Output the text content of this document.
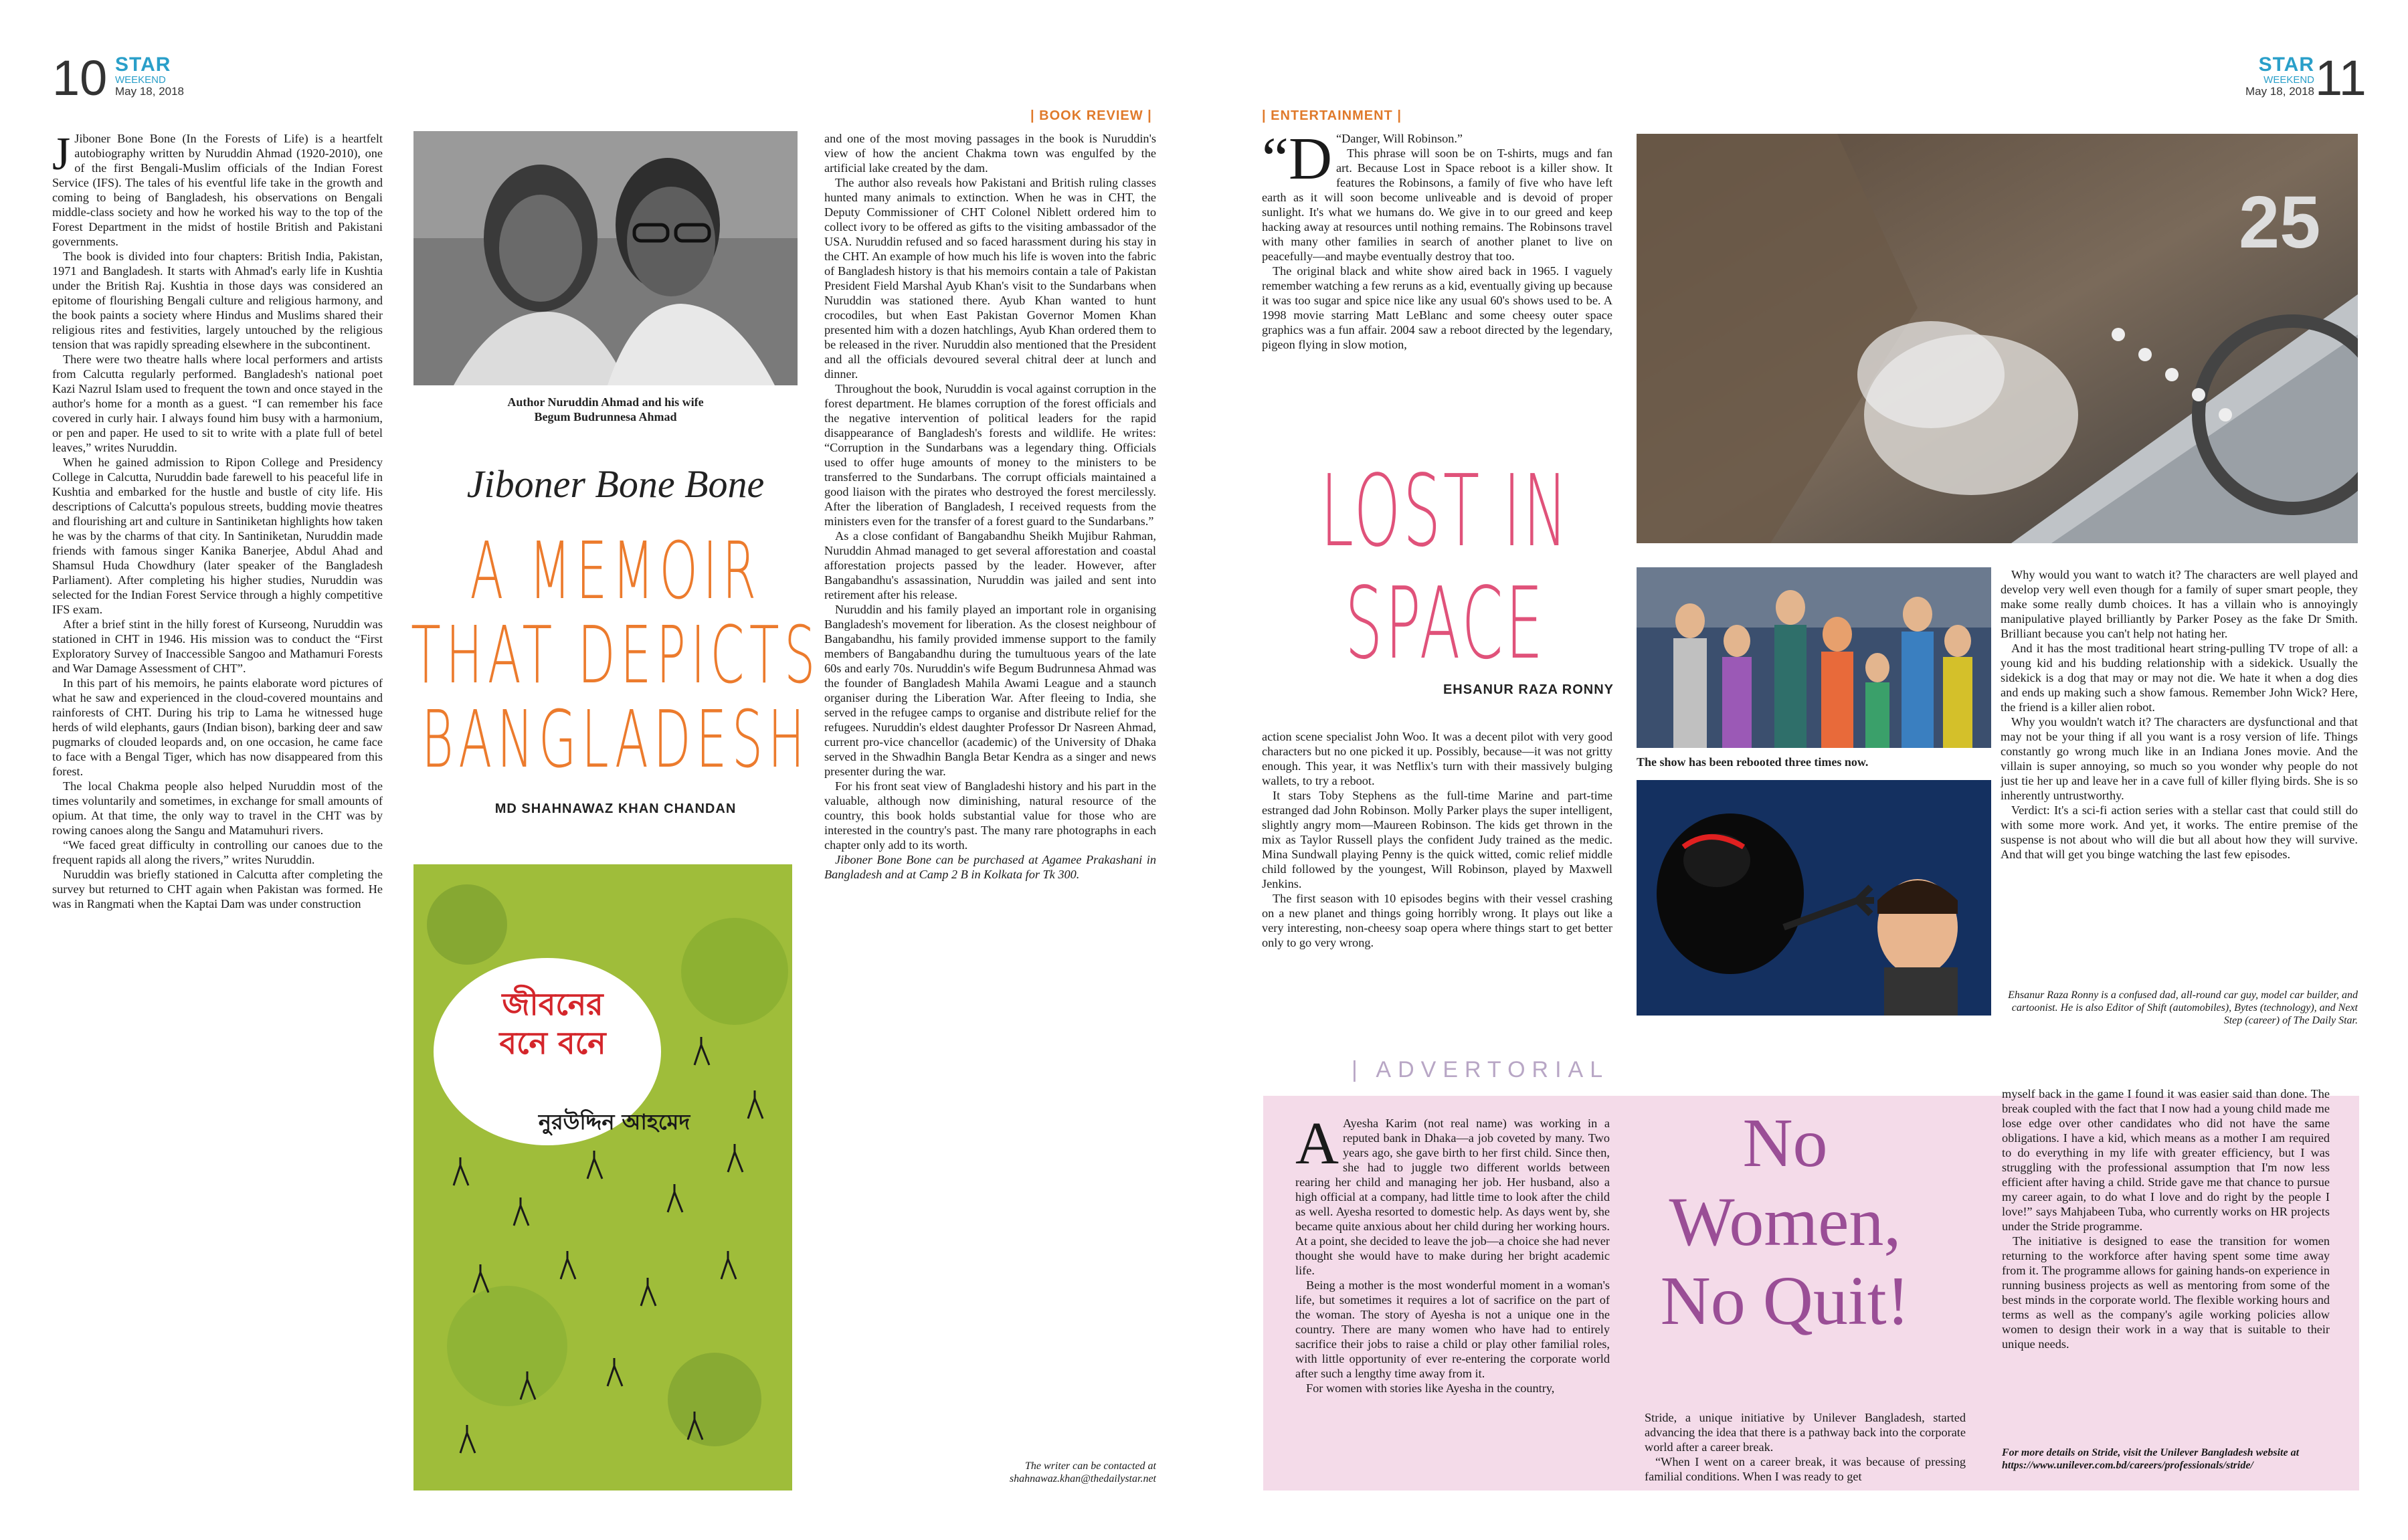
10 STAR
WEEKEND
May 18, 2018
| BOOK REVIEW |

J Jiboner Bone Bone (In the Forests of Life) is a heartfelt autobiography written by Nuruddin Ahmad (1920-2010), one of the first Bengali-Muslim officials of the Indian Forest Service (IFS). The tales of his eventful life take in the growth and coming to being of Bangladesh, his observations on Bengali middle-class society and how he worked his way to the top of the Forest Department in the midst of hostile British and Pakistani governments.

The book is divided into four chapters: British India, Pakistan, 1971 and Bangladesh. It starts with Ahmad's early life in Kushtia under the British Raj. Kushtia in those days was considered an epitome of flourishing Bengali culture and religious harmony, and the book paints a society where Hindus and Muslims shared their religious rites and festivities, largely untouched by the religious tension that was rapidly spreading elsewhere in the subcontinent.

There were two theatre halls where local performers and artists from Calcutta regularly performed. Bangladesh's national poet Kazi Nazrul Islam used to frequent the town and once stayed in the author's home for a month as a guest. “I can remember his face covered in curly hair. I always found him busy with a harmonium, or pen and paper. He used to sit to write with a plate full of betel leaves,” writes Nuruddin.

When he gained admission to Ripon College and Presidency College in Calcutta, Nuruddin bade farewell to his peaceful life in Kushtia and embarked for the hustle and bustle of city life. His descriptions of Calcutta's populous streets, budding movie theatres and flourishing art and culture in Santiniketan highlights how taken he was by the charms of that city. In Santiniketan, Nuruddin made friends with famous singer Kanika Banerjee, Abdul Ahad and Shamsul Huda Chowdhury (later speaker of the Bangladesh Parliament). After completing his higher studies, Nuruddin was selected for the Indian Forest Service through a highly competitive IFS exam.

After a brief stint in the hilly forest of Kurseong, Nuruddin was stationed in CHT in 1946. His mission was to conduct the “First Exploratory Survey of Inaccessible Sangoo and Mathamuri Forests and War Damage Assessment of CHT”.

In this part of his memoirs, he paints elaborate word pictures of what he saw and experienced in the cloud-covered mountains and rainforests of CHT. During his trip to Lama he witnessed huge herds of wild elephants, gaurs (Indian bison), barking deer and saw pugmarks of clouded leopards and, on one occasion, he came face to face with a Bengal Tiger, which has now disappeared from this forest.

The local Chakma people also helped Nuruddin most of the times voluntarily and sometimes, in exchange for small amounts of opium. At that time, the only way to travel in the CHT was by rowing canoes along the Sangu and Matamuhuri rivers.

“We faced great difficulty in controlling our canoes due to the frequent rapids all along the rivers,” writes Nuruddin.

Nuruddin was briefly stationed in Calcutta after completing the survey but returned to CHT again when Pakistan was formed. He was in Rangmati when the Kaptai Dam was under construction

Author Nuruddin Ahmad and his wife
Begum Budrunnesa Ahmad
Jiboner Bone Bone
A MEMOIR
THAT DEPICTS
BANGLADESH
MD SHAHNAWAZ KHAN CHANDAN
জীবনের
বনে বনে
নুরউদ্দিন আহমেদ

and one of the most moving passages in the book is Nuruddin's view of how the ancient Chakma town was engulfed by the artificial lake created by the dam.

The author also reveals how Pakistani and British ruling classes hunted many animals to extinction. When he was in CHT, the Deputy Commissioner of CHT Colonel Niblett ordered him to collect ivory to be offered as gifts to the visiting ambassador of the USA. Nuruddin refused and so faced harassment during his stay in the CHT. An example of how much his life is woven into the fabric of Bangladesh history is that his memoirs contain a tale of Pakistan President Field Marshal Ayub Khan's visit to the Sundarbans when Nuruddin was stationed there. Ayub Khan wanted to hunt crocodiles, but when East Pakistan Governor Momen Khan presented him with a dozen hatchlings, Ayub Khan ordered them to be released in the river. Nuruddin also mentioned that the President and all the officials devoured several chitral deer at lunch and dinner.

Throughout the book, Nuruddin is vocal against corruption in the forest department. He blames corruption of the forest officials and the negative intervention of political leaders for the rapid disappearance of Bangladesh's forests and wildlife. He writes: “Corruption in the Sundarbans was a legendary thing. Officials used to offer huge amounts of money to the ministers to be transferred to the Sundarbans. The corrupt officials maintained a good liaison with the pirates who destroyed the forest mercilessly. After the liberation of Bangladesh, I received requests from the ministers even for the transfer of a forest guard to the Sundarbans.”

As a close confidant of Bangabandhu Sheikh Mujibur Rahman, Nuruddin Ahmad managed to get several afforestation and coastal afforestation projects passed by the leader. However, after Bangabandhu's assassination, Nuruddin was jailed and sent into retirement after his release.

Nuruddin and his family played an important role in organising Bangladesh's movement for liberation. As the closest neighbour of Bangabandhu, his family provided immense support to the family members of Bangabandhu during the tumultuous years of the late 60s and early 70s. Nuruddin's wife Begum Budrunnesa Ahmad was the founder of Bangladesh Mahila Awami League and a staunch organiser during the Liberation War. After fleeing to India, she served in the refugee camps to organise and distribute relief for the refugees. Nuruddin's eldest daughter Professor Dr Nasreen Ahmad, current pro-vice chancellor (academic) of the University of Dhaka served in the Shwadhin Bangla Betar Kendra as a singer and news presenter during the war.

For his front seat view of Bangladeshi history and his part in the valuable, although now diminishing, natural resource of the country, this book holds substantial value for those who are interested in the country's past. The many rare photographs in each chapter only add to its worth.

Jiboner Bone Bone can be purchased at Agamee Prakashani in Bangladesh and at Camp 2 B in Kolkata for Tk 300.

The writer can be contacted at
shahnawaz.khan@thedailystar.net
STAR
WEEKEND
May 18, 2018 11
| ENTERTAINMENT |

“D “Danger, Will Robinson.”

This phrase will soon be on T-shirts, mugs and fan art. Because Lost in Space reboot is a killer show. It features the Robinsons, a family of five who have left earth as it will soon become unliveable and is devoid of proper sunlight. It's what we humans do. We give in to our greed and keep hacking away at resources until nothing remains. The Robinsons travel with many other families in search of another planet to live on peacefully—and maybe eventually destroy that too.

The original black and white show aired back in 1965. I vaguely remember watching a few reruns as a kid, eventually giving up because it was too sugar and spice nice like any usual 60's shows used to be. A 1998 movie starring Matt LeBlanc and some cheesy outer space graphics was a fun affair. 2004 saw a reboot directed by the legendary, pigeon flying in slow motion,

25
LOST IN
SPACE
EHSANUR RAZA RONNY

action scene specialist John Woo. It was a decent pilot with very good characters but no one picked it up. Possibly, because—it was not gritty enough. This year, it was Netflix's turn with their massively bulging wallets, to try a reboot.

It stars Toby Stephens as the full-time Marine and part-time estranged dad John Robinson. Molly Parker plays the super intelligent, slightly angry mom—Maureen Robinson. The kids get thrown in the mix as Taylor Russell plays the confident Judy trained as the medic. Mina Sundwall playing Penny is the quick witted, comic relief middle child followed by the youngest, Will Robinson, played by Maxwell Jenkins.

The first season with 10 episodes begins with their vessel crashing on a new planet and things going horribly wrong. It plays out like a very interesting, non-cheesy soap opera where things start to get better only to go very wrong.

The show has been rebooted three times now.

Why would you want to watch it? The characters are well played and develop very well even though for a family of super smart people, they make some really dumb choices. It has a villain who is annoyingly manipulative played brilliantly by Parker Posey as the fake Dr Smith. Brilliant because you can't help not hating her.

And it has the most traditional heart string-pulling TV trope of all: a young kid and his budding relationship with a sidekick. Usually the sidekick is a dog that may or may not die. We hate it when a dog dies and ends up making such a show famous. Remember John Wick? Here, the friend is a killer alien robot.

Why you wouldn't watch it? The characters are dysfunctional and that may not be your thing if all you want is a rosy version of life. Things constantly go wrong much like in an Indiana Jones movie. And the villain is super annoying, so much so you wonder why people do not just tie her up and leave her in a cave full of killer flying birds. She is so inherently untrustworthy.

Verdict: It's a sci-fi action series with a stellar cast that could still do with some more work. And yet, it works. The entire premise of the suspense is not about who will die but all about how they will survive. And that will get you binge watching the last few episodes.

Ehsanur Raza Ronny is a confused dad, all-round car guy, model car builder, and cartoonist. He is also Editor of Shift (automobiles), Bytes (technology), and Next Step (career) of The Daily Star.
| ADVERTORIAL

A Ayesha Karim (not real name) was working in a reputed bank in Dhaka—a job coveted by many. Two years ago, she gave birth to her first child. Since then, she had to juggle two different worlds between rearing her child and managing her job. Her husband, also a high official at a company, had little time to look after the child as well. Ayesha resorted to domestic help. As days went by, she became quite anxious about her child during her working hours. At a point, she decided to leave the job—a choice she had never thought she would have to make during her bright academic life.

Being a mother is the most wonderful moment in a woman's life, but sometimes it requires a lot of sacrifice on the part of the woman. The story of Ayesha is not a unique one in the country. There are many women who have had to entirely sacrifice their jobs to raise a child or play other familial roles, with little opportunity of ever re-entering the corporate world after such a lengthy time away from it.

For women with stories like Ayesha in the country,

No
Women,
No Quit!

Stride, a unique initiative by Unilever Bangladesh, started advancing the idea that there is a pathway back into the corporate world after a career break.

“When I went on a career break, it was because of pressing familial conditions. When I was ready to get

myself back in the game I found it was easier said than done. The break coupled with the fact that I now had a young child made me lose edge over other candidates who did not have the same obligations. I have a kid, which means as a mother I am required to do everything in my life with greater efficiency, but I was struggling with the professional assumption that I'm now less efficient after having a child. Stride gave me that chance to pursue my career again, to do what I love and do right by the people I love!” says Mahjabeen Tuba, who currently works on HR projects under the Stride programme.

The initiative is designed to ease the transition for women returning to the workforce after having spent some time away from it. The programme allows for gaining hands-on experience in running business projects as well as mentoring from some of the best minds in the corporate world. The flexible working hours and terms as well as the company's agile working policies allow women to design their work in a way that is suitable to their unique needs.

For more details on Stride, visit the Unilever Bangladesh website at https://www.unilever.com.bd/careers/professionals/stride/
